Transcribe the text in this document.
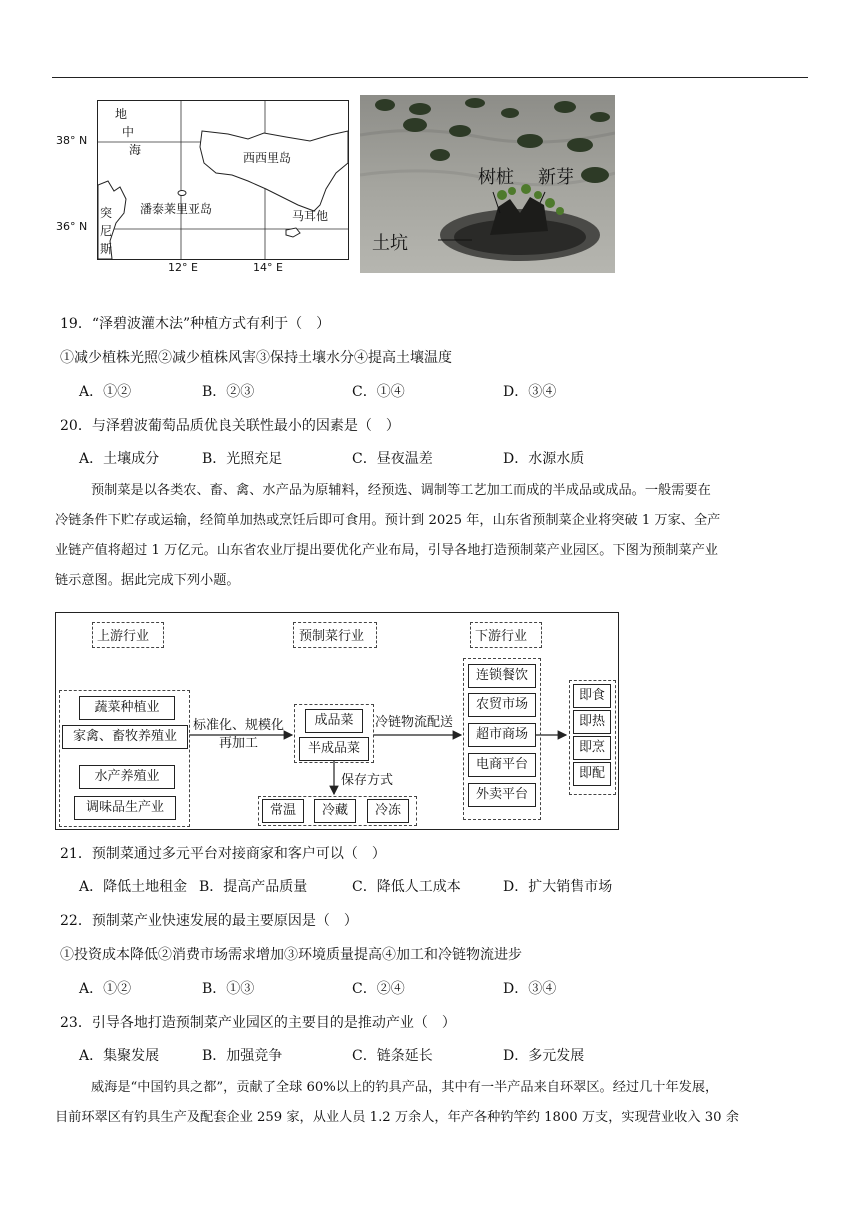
38° N
36° N
12° E	14° E
地
中
海
西西里岛
潘泰莱里亚岛	马耳他
突
尼
斯
树桩 新芽
土坑
19．“泽碧波灌木法”种植方式有利于（　）
①减少植株光照②减少植株风害③保持土壤水分④提高土壤温度
A．①②	B．②③	C．①④	D．③④
20．与泽碧波葡萄品质优良关联性最小的因素是（　）
A．土壤成分	B．光照充足	C．昼夜温差	D．水源水质
预制菜是以各类农、畜、禽、水产品为原辅料，经预选、调制等工艺加工而成的半成品或成品。一般需要在
冷链条件下贮存或运输，经简单加热或烹饪后即可食用。预计到 2025 年，山东省预制菜企业将突破 1 万家、全产
业链产值将超过 1 万亿元。山东省农业厅提出要优化产业布局，引导各地打造预制菜产业园区。下图为预制菜产业
链示意图。据此完成下列小题。
上游行业	预制菜行业	下游行业
蔬菜种植业
家禽、畜牧养殖业
水产养殖业
调味品生产业
标准化、规模化
再加工
成品菜
半成品菜
冷链物流配送
保存方式
常温	冷藏	冷冻
连锁餐饮
农贸市场
超市商场
电商平台
外卖平台
即食
即热
即烹
即配
21．预制菜通过多元平台对接商家和客户可以（　）
A．降低土地租金 B．提高产品质量	C．降低人工成本	D．扩大销售市场
22．预制菜产业快速发展的最主要原因是（　）
①投资成本降低②消费市场需求增加③环境质量提高④加工和冷链物流进步
A．①②	B．①③	C．②④	D．③④
23．引导各地打造预制菜产业园区的主要目的是推动产业（　）
A．集聚发展	B．加强竞争	C．链条延长	D．多元发展
威海是“中国钓具之都”，贡献了全球 60%以上的钓具产品，其中有一半产品来自环翠区。经过几十年发展，
目前环翠区有钓具生产及配套企业 259 家，从业人员 1.2 万余人，年产各种钓竿约 1800 万支，实现营业收入 30 余
